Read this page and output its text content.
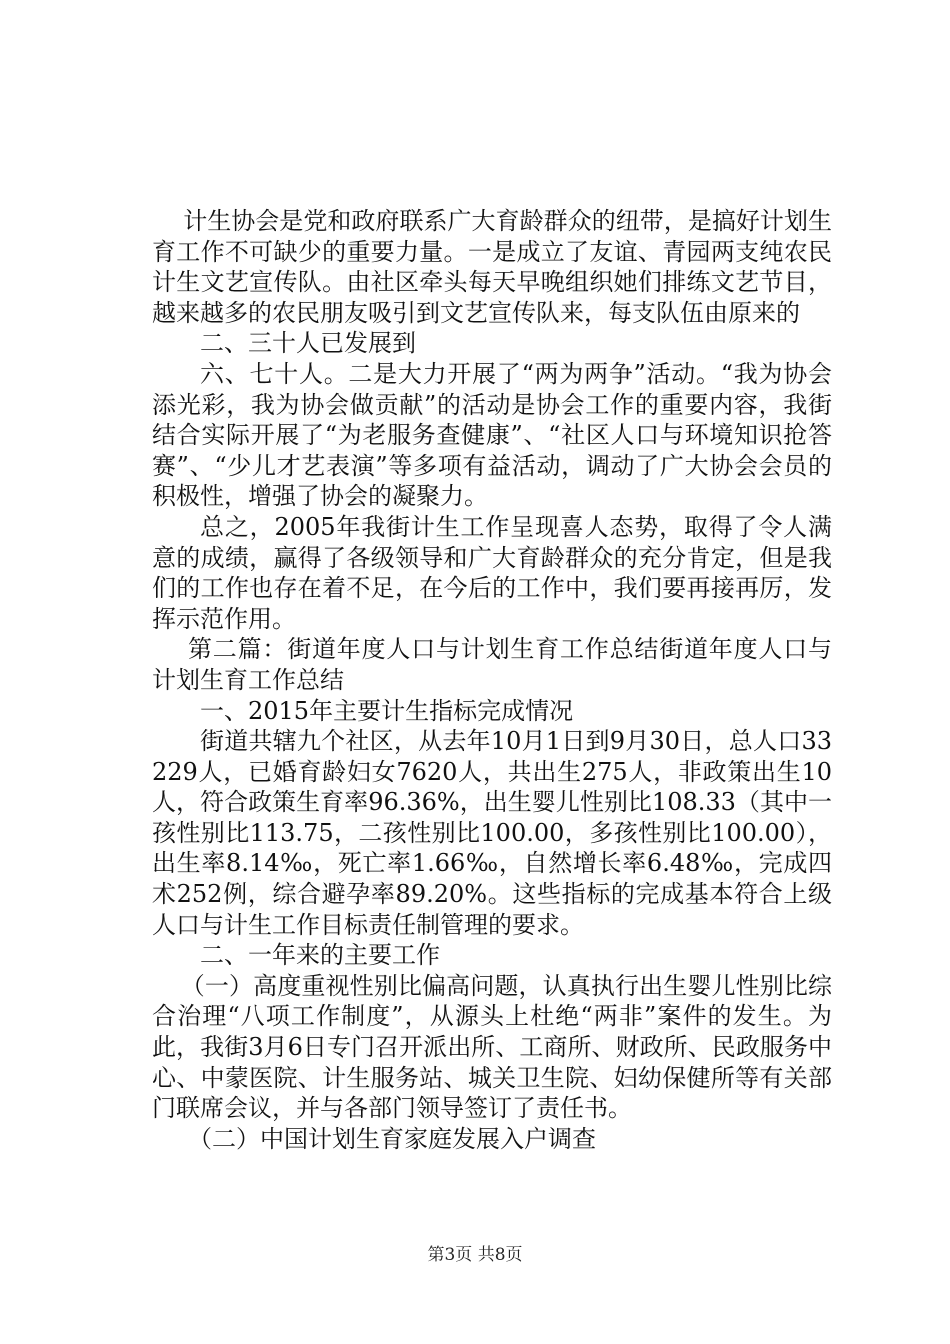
计生协会是党和政府联系广大育龄群众的纽带，是搞好计划生育工作不可缺少的重要力量。一是成立了友谊、青园两支纯农民计生文艺宣传队。由社区牵头每天早晚组织她们排练文艺节目，越来越多的农民朋友吸引到文艺宣传队来，每支队伍由原来的

二、三十人已发展到

六、七十人。二是大力开展了“两为两争”活动。“我为协会添光彩，我为协会做贡献”的活动是协会工作的重要内容，我街结合实际开展了“为老服务查健康”、“社区人口与环境知识抢答赛”、“少儿才艺表演”等多项有益活动，调动了广大协会会员的积极性，增强了协会的凝聚力。

总之，2005年我街计生工作呈现喜人态势，取得了令人满意的成绩，赢得了各级领导和广大育龄群众的充分肯定，但是我们的工作也存在着不足，在今后的工作中，我们要再接再厉，发挥示范作用。

第二篇：街道年度人口与计划生育工作总结街道年度人口与计划生育工作总结

一、2015年主要计生指标完成情况

街道共辖九个社区，从去年10月1日到9月30日，总人口33229人，已婚育龄妇女7620人，共出生275人，非政策出生10人，符合政策生育率96.36%，出生婴儿性别比108.33（其中一孩性别比113.75，二孩性别比100.00，多孩性别比100.00），出生率8.14‰，死亡率1.66‰，自然增长率6.48‰，完成四术252例，综合避孕率89.20%。这些指标的完成基本符合上级人口与计生工作目标责任制管理的要求。

二、一年来的主要工作

（一）高度重视性别比偏高问题，认真执行出生婴儿性别比综合治理“八项工作制度”，从源头上杜绝“两非”案件的发生。为此，我街3月6日专门召开派出所、工商所、财政所、民政服务中心、中蒙医院、计生服务站、城关卫生院、妇幼保健所等有关部门联席会议，并与各部门领导签订了责任书。

（二）中国计划生育家庭发展入户调查

第3页 共8页
